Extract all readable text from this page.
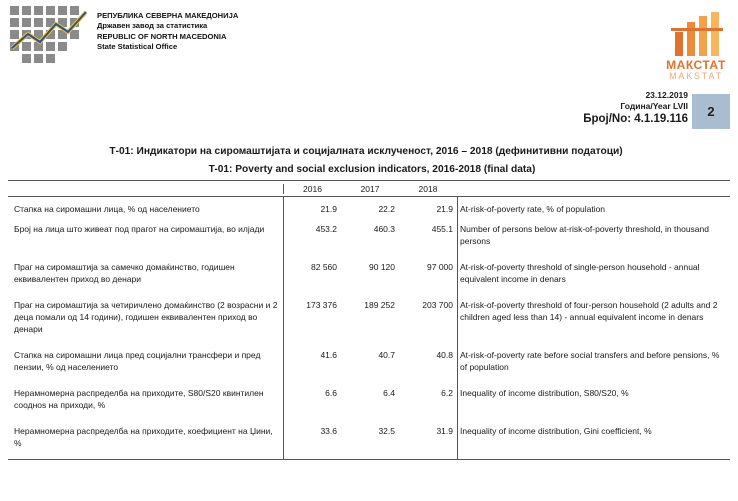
РЕПУБЛИКА СЕВЕРНА МАКЕДОНИЈА
Државен завод за статистика
REPUBLIC OF NORTH MACEDONIA
State Statistical Office
МАКСТАТ
MAKSTAT
23.12.2019
Година/Year LVII
Број/No: 4.1.19.116	2
Т-01: Индикатори на сиромаштијата и социјалната исклученост, 2016 – 2018 (дефинитивни податоци)
T-01: Poverty and social exclusion indicators, 2016-2018 (final data)
2016	2017	2018
Стапка на сиромашни лица, % од населението	21.9	22.2	21.9 At-risk-of-poverty rate, % of population
Број на лица што живеат под прагот на сиромаштија, во илјади	453.2	460.3	455.1 Number of persons below at-risk-of-poverty threshold, in thousand persons
Праг на сиромаштија за самечко домаќинство, годишен еквивалентен приход во денари
82 560	90 120	97 000 At-risk-of-poverty threshold of single-person household - annual equivalent income in denars
Праг на сиромаштија за четиричлено домаќинство (2 возрасни и 2 деца помали од 14 години), годишен еквивалентен приход во денари
173 376	189 252	203 700 At-risk-of-poverty threshold of four-person household (2 adults and 2 children aged less than 14) - annual equivalent income in denars
Стапка на сиромашни лица пред социјални трансфери и пред пензии, % од населението
41.6	40.7	40.8 At-risk-of-poverty rate before social transfers and before pensions, % of population
Нерамномерна распределба на приходите, S80/S20 квинтилен соодноs на приходи, %
6.6	6.4	6.2 Inequality of income distribution, S80/S20, %
Нерамномерна распределба на приходите, коефициент на Џини, %
33.6	32.5	31.9 Inequality of income distribution, Gini coefficient, %
